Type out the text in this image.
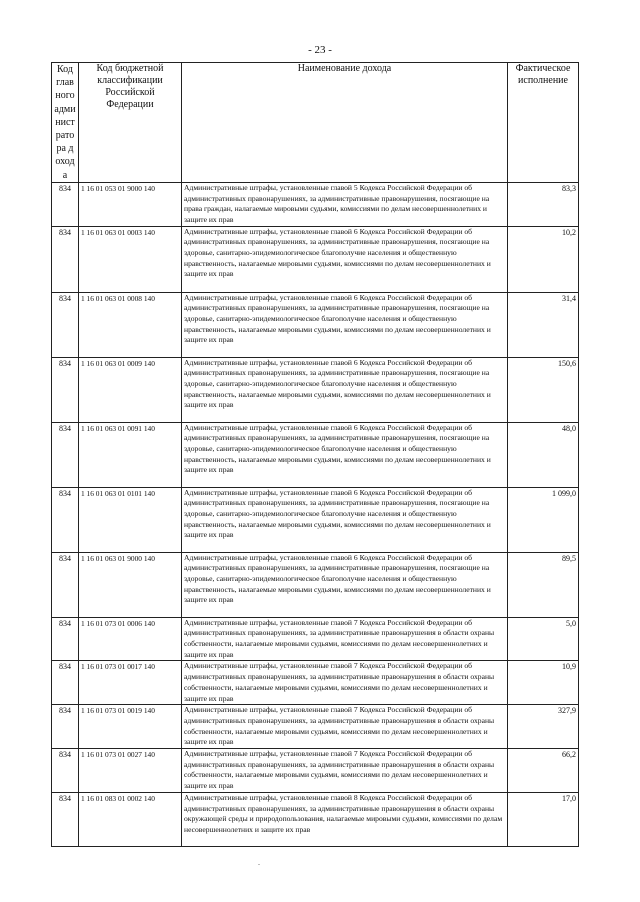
- 23 -
Код главного администратора дохода	Код бюджетной классификации Российской Федерации	Наименование дохода	Фактическое исполнение
834	1 16 01 053 01 9000 140	Административные штрафы, установленные главой 5 Кодекса Российской Федерации об административных правонарушениях, за административные правонарушения, посягающие на права граждан, налагаемые мировыми судьями, комиссиями по делам несовершеннолетних и защите их прав	83,3
834	1 16 01 063 01 0003 140	Административные штрафы, установленные главой 6 Кодекса Российской Федерации об административных правонарушениях, за административные правонарушения, посягающие на здоровье, санитарно-эпидемиологическое благополучие населения и общественную нравственность, налагаемые мировыми судьями, комиссиями по делам несовершеннолетних и защите их прав	10,2
834	1 16 01 063 01 0008 140	Административные штрафы, установленные главой 6 Кодекса Российской Федерации об административных правонарушениях, за административные правонарушения, посягающие на здоровье, санитарно-эпидемиологическое благополучие населения и общественную нравственность, налагаемые мировыми судьями, комиссиями по делам несовершеннолетних и защите их прав	31,4
834	1 16 01 063 01 0009 140	Административные штрафы, установленные главой 6 Кодекса Российской Федерации об административных правонарушениях, за административные правонарушения, посягающие на здоровье, санитарно-эпидемиологическое благополучие населения и общественную нравственность, налагаемые мировыми судьями, комиссиями по делам несовершеннолетних и защите их прав	150,6
834	1 16 01 063 01 0091 140	Административные штрафы, установленные главой 6 Кодекса Российской Федерации об административных правонарушениях, за административные правонарушения, посягающие на здоровье, санитарно-эпидемиологическое благополучие населения и общественную нравственность, налагаемые мировыми судьями, комиссиями по делам несовершеннолетних и защите их прав	48,0
834	1 16 01 063 01 0101 140	Административные штрафы, установленные главой 6 Кодекса Российской Федерации об административных правонарушениях, за административные правонарушения, посягающие на здоровье, санитарно-эпидемиологическое благополучие населения и общественную нравственность, налагаемые мировыми судьями, комиссиями по делам несовершеннолетних и защите их прав	1 099,0
834	1 16 01 063 01 9000 140	Административные штрафы, установленные главой 6 Кодекса Российской Федерации об административных правонарушениях, за административные правонарушения, посягающие на здоровье, санитарно-эпидемиологическое благополучие населения и общественную нравственность, налагаемые мировыми судьями, комиссиями по делам несовершеннолетних и защите их прав	89,5
834	1 16 01 073 01 0006 140	Административные штрафы, установленные главой 7 Кодекса Российской Федерации об административных правонарушениях, за административные правонарушения в области охраны собственности, налагаемые мировыми судьями, комиссиями по делам несовершеннолетних и защите их прав	5,0
834	1 16 01 073 01 0017 140	Административные штрафы, установленные главой 7 Кодекса Российской Федерации об административных правонарушениях, за административные правонарушения в области охраны собственности, налагаемые мировыми судьями, комиссиями по делам несовершеннолетних и защите их прав	10,9
834	1 16 01 073 01 0019 140	Административные штрафы, установленные главой 7 Кодекса Российской Федерации об административных правонарушениях, за административные правонарушения в области охраны собственности, налагаемые мировыми судьями, комиссиями по делам несовершеннолетних и защите их прав	327,9
834	1 16 01 073 01 0027 140	Административные штрафы, установленные главой 7 Кодекса Российской Федерации об административных правонарушениях, за административные правонарушения в области охраны собственности, налагаемые мировыми судьями, комиссиями по делам несовершеннолетних и защите их прав	66,2
834	1 16 01 083 01 0002 140	Административные штрафы, установленные главой 8 Кодекса Российской Федерации об административных правонарушениях, за административные правонарушения в области охраны окружающей среды и природопользования, налагаемые мировыми судьями, комиссиями по делам несовершеннолетних и защите их прав	17,0
.
